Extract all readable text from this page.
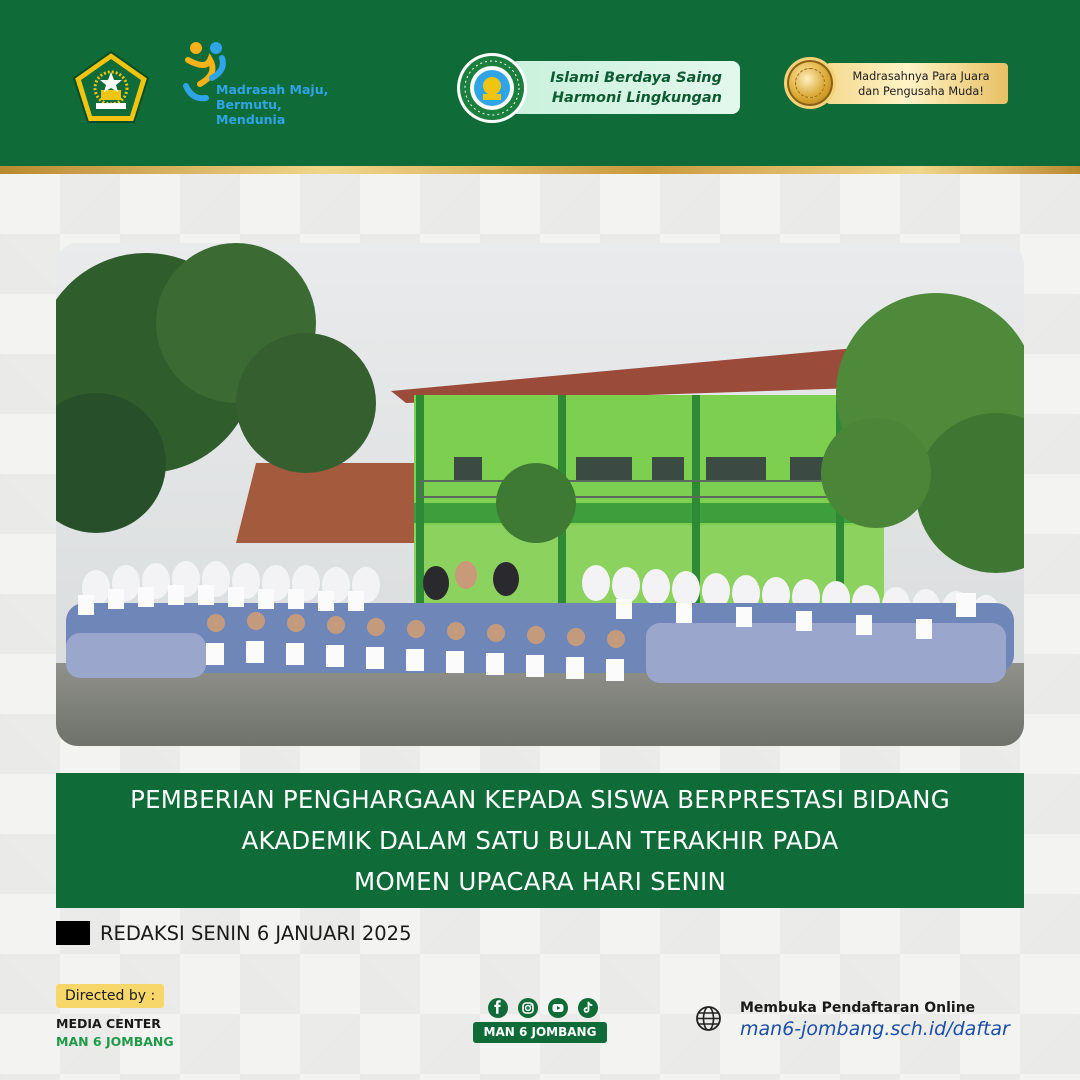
Madrasah Maju,
Bermutu,
Mendunia
Islami Berdaya Saing
Harmoni Lingkungan
Madrasahnya Para Juara
dan Pengusaha Muda!
PEMBERIAN PENGHARGAAN KEPADA SISWA BERPRESTASI BIDANG
AKADEMIK DALAM SATU BULAN TERAKHIR PADA
MOMEN UPACARA HARI SENIN
REDAKSI SENIN 6 JANUARI 2025
Directed by :
MEDIA CENTER
MAN 6 JOMBANG
MAN 6 JOMBANG
Membuka Pendaftaran Online
man6-jombang.sch.id/daftar
